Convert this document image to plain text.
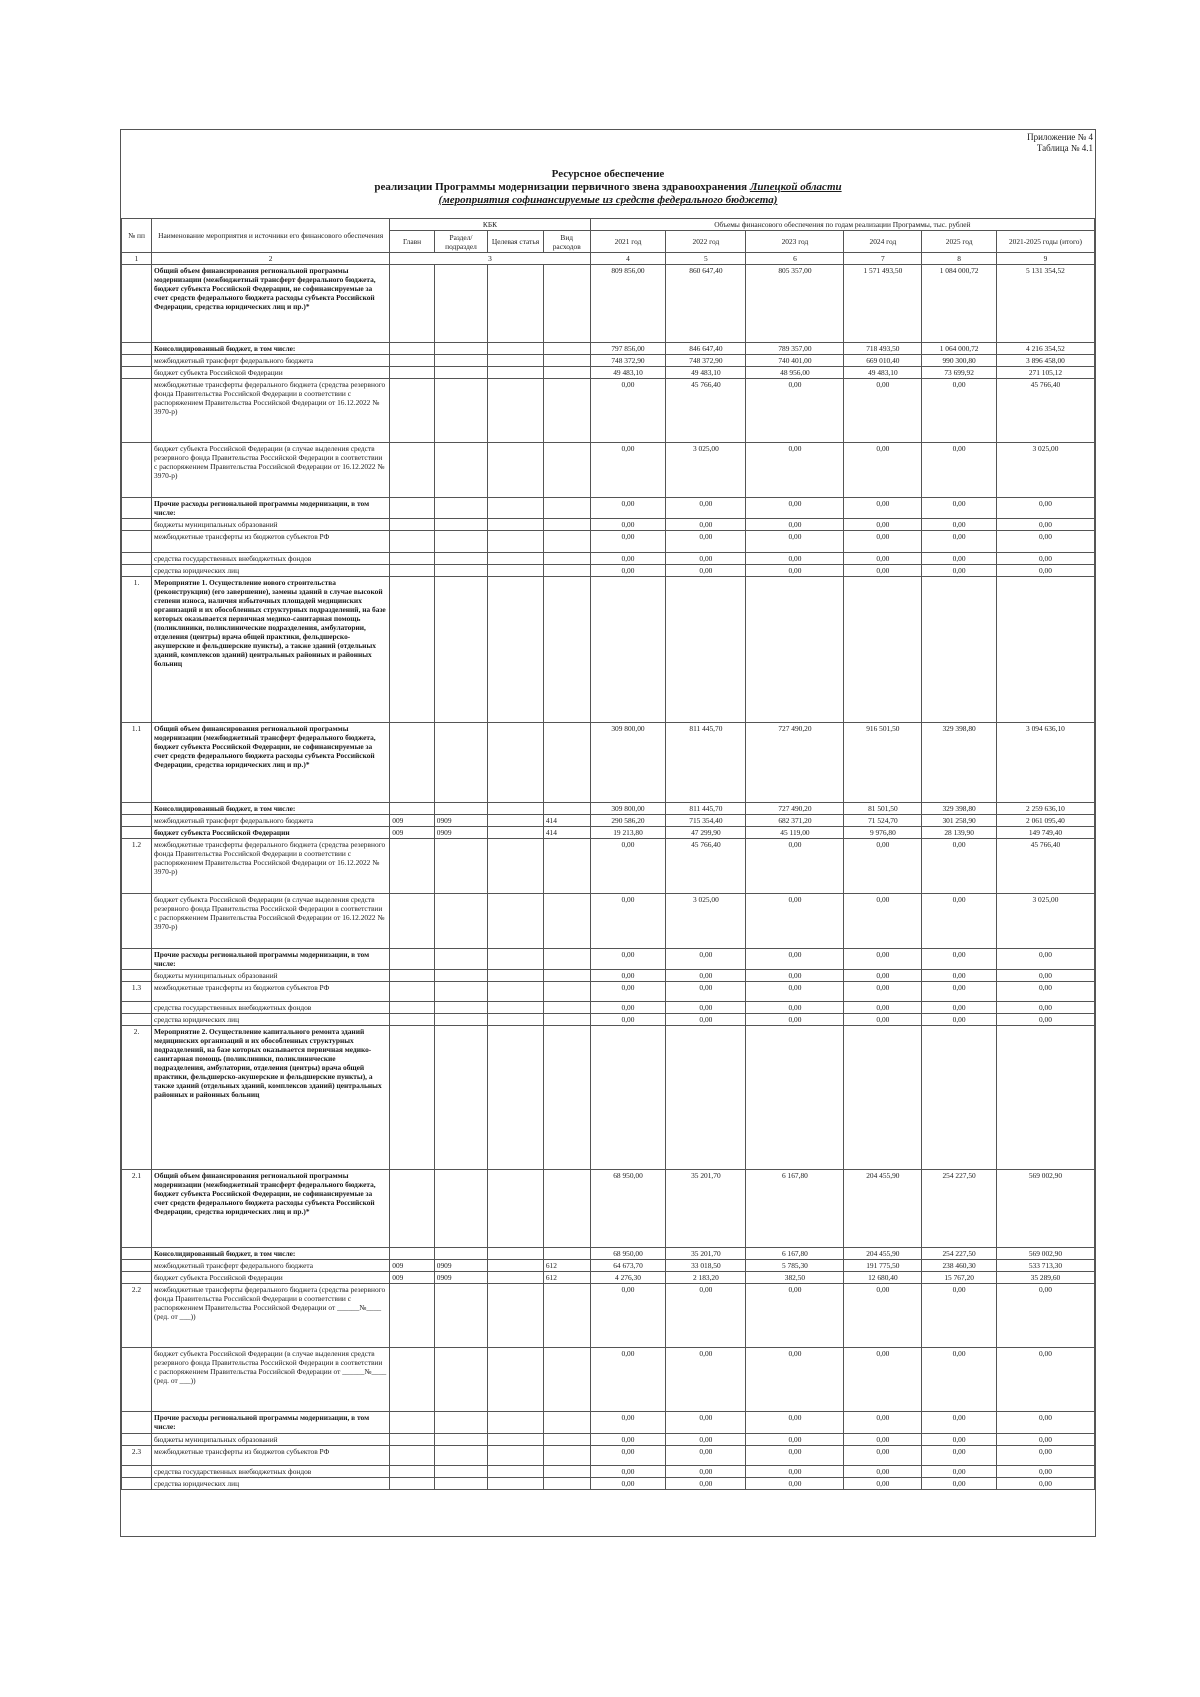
Приложение № 4
Таблица № 4.1
Ресурсное обеспечение
реализации Программы модернизации первичного звена здравоохранения Липецкой области
(мероприятия софинансируемые из средств федерального бюджета)
№ пп	Наименование мероприятия и источники его финансового обеспечения	КБК				Объемы финансового обеспечения по годам реализации Программы, тыс. рублей					
		Главн	Раздел/ подраздел	Целевая статья	Вид расходов	2021 год	2022 год	2023 год	2024 год	2025 год	2021-2025 годы (итого)
1	2	3				4	5	6	7	8	9
	Общий объем финансирования региональной программы модернизации (межбюджетный трансферт федерального бюджета, бюджет субъекта Российской Федерации, не софинансируемые за счет средств федерального бюджета расходы субъекта Российской Федерации, средства юридических лиц и пр.)*					809 856,00	860 647,40	805 357,00	1 571 493,50	1 084 000,72	5 131 354,52
	Консолидированный бюджет, в том числе:					797 856,00	846 647,40	789 357,00	718 493,50	1 064 000,72	4 216 354,52
	межбюджетный трансферт федерального бюджета					748 372,90	748 372,90	740 401,00	669 010,40	990 300,80	3 896 458,00
	бюджет субъекта Российской Федерации					49 483,10	49 483,10	48 956,00	49 483,10	73 699,92	271 105,12
	межбюджетные трансферты федерального бюджета (средства резервного фонда Правительства Российской Федерации в соответствии с распоряжением Правительства Российской Федерации от 16.12.2022 № 3970-р)					0,00	45 766,40	0,00	0,00	0,00	45 766,40
	бюджет субъекта Российской Федерации (в случае выделения средств резервного фонда Правительства Российской Федерации в соответствии с распоряжением Правительства Российской Федерации от 16.12.2022 № 3970-р)					0,00	3 025,00	0,00	0,00	0,00	3 025,00
	Прочие расходы региональной программы модернизации, в том числе:					0,00	0,00	0,00	0,00	0,00	0,00
	бюджеты муниципальных образований					0,00	0,00	0,00	0,00	0,00	0,00
	межбюджетные трансферты из бюджетов субъектов РФ					0,00	0,00	0,00	0,00	0,00	0,00
	средства государственных внебюджетных фондов					0,00	0,00	0,00	0,00	0,00	0,00
	средства юридических лиц					0,00	0,00	0,00	0,00	0,00	0,00
1.	Мероприятие 1. Осуществление нового строительства (реконструкции) (его завершение), замены зданий в случае высокой степени износа, наличия избыточных площадей медицинских организаций и их обособленных структурных подразделений, на базе которых оказывается первичная медико-санитарная помощь (поликлиники, поликлинические подразделения, амбулатории, отделения (центры) врача общей практики, фельдшерско-акушерские и фельдшерские пункты), а также зданий (отдельных зданий, комплексов зданий) центральных районных и районных больниц										
1.1	Общий объем финансирования региональной программы модернизации (межбюджетный трансферт федерального бюджета, бюджет субъекта Российской Федерации, не софинансируемые за счет средств федерального бюджета расходы субъекта Российской Федерации, средства юридических лиц и пр.)*					309 800,00	811 445,70	727 490,20	916 501,50	329 398,80	3 094 636,10
	Консолидированный бюджет, в том числе:					309 800,00	811 445,70	727 490,20	81 501,50	329 398,80	2 259 636,10
	межбюджетный трансферт федерального бюджета	009	0909		414	290 586,20	715 354,40	682 371,20	71 524,70	301 258,90	2 061 095,40
	бюджет субъекта Российской Федерации	009	0909		414	19 213,80	47 299,90	45 119,00	9 976,80	28 139,90	149 749,40
1.2	межбюджетные трансферты федерального бюджета (средства резервного фонда Правительства Российской Федерации в соответствии с распоряжением Правительства Российской Федерации от 16.12.2022 № 3970-р)					0,00	45 766,40	0,00	0,00	0,00	45 766,40
	бюджет субъекта Российской Федерации (в случае выделения средств резервного фонда Правительства Российской Федерации в соответствии с распоряжением Правительства Российской Федерации от 16.12.2022 № 3970-р)					0,00	3 025,00	0,00	0,00	0,00	3 025,00
	Прочие расходы региональной программы модернизации, в том числе:					0,00	0,00	0,00	0,00	0,00	0,00
	бюджеты муниципальных образований					0,00	0,00	0,00	0,00	0,00	0,00
1.3	межбюджетные трансферты из бюджетов субъектов РФ					0,00	0,00	0,00	0,00	0,00	0,00
	средства государственных внебюджетных фондов					0,00	0,00	0,00	0,00	0,00	0,00
	средства юридических лиц					0,00	0,00	0,00	0,00	0,00	0,00
2.	Мероприятие 2. Осуществление капитального ремонта зданий медицинских организаций и их обособленных структурных подразделений, на базе которых оказывается первичная медико-санитарная помощь (поликлиники, поликлинические подразделения, амбулатории, отделения (центры) врача общей практики, фельдшерско-акушерские и фельдшерские пункты), а также зданий (отдельных зданий, комплексов зданий) центральных районных и районных больниц										
2.1	Общий объем финансирования региональной программы модернизации (межбюджетный трансферт федерального бюджета, бюджет субъекта Российской Федерации, не софинансируемые за счет средств федерального бюджета расходы субъекта Российской Федерации, средства юридических лиц и пр.)*					68 950,00	35 201,70	6 167,80	204 455,90	254 227,50	569 002,90
	Консолидированный бюджет, в том числе:					68 950,00	35 201,70	6 167,80	204 455,90	254 227,50	569 002,90
	межбюджетный трансферт федерального бюджета	009	0909		612	64 673,70	33 018,50	5 785,30	191 775,50	238 460,30	533 713,30
	бюджет субъекта Российской Федерации	009	0909		612	4 276,30	2 183,20	382,50	12 680,40	15 767,20	35 289,60
2.2	межбюджетные трансферты федерального бюджета (средства резервного фонда Правительства Российской Федерации в соответствии с распоряжением Правительства Российской Федерации от ______№____ (ред. от ___))					0,00	0,00	0,00	0,00	0,00	0,00
	бюджет субъекта Российской Федерации (в случае выделения средств резервного фонда Правительства Российской Федерации в соответствии с распоряжением Правительства Российской Федерации от ______№____ (ред. от ___))					0,00	0,00	0,00	0,00	0,00	0,00
	Прочие расходы региональной программы модернизации, в том числе:					0,00	0,00	0,00	0,00	0,00	0,00
	бюджеты муниципальных образований					0,00	0,00	0,00	0,00	0,00	0,00
2.3	межбюджетные трансферты из бюджетов субъектов РФ					0,00	0,00	0,00	0,00	0,00	0,00
	средства государственных внебюджетных фондов					0,00	0,00	0,00	0,00	0,00	0,00
	средства юридических лиц					0,00	0,00	0,00	0,00	0,00	0,00
